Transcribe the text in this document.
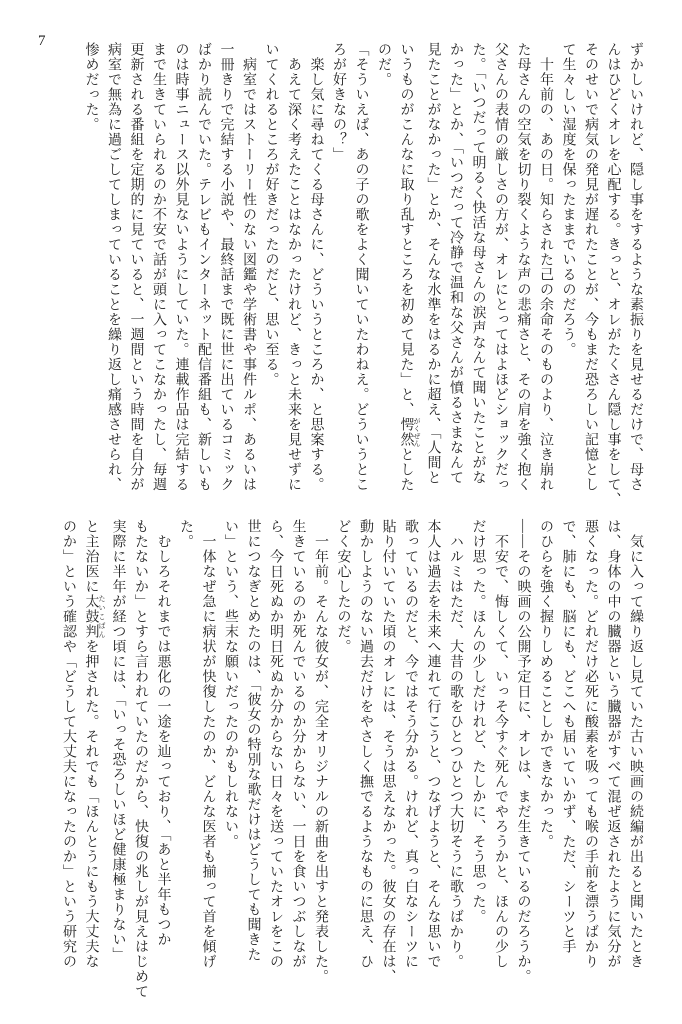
7
ずかしいけれど、隠し事をするような素振りを見せるだけで、母さ
んはひどくオレを心配する。きっと、オレがたくさん隠し事をして、
そのせいで病気の発見が遅れたことが、今もまだ恐ろしい記憶とし
て生々しい湿度を保ったままでいるのだろう。
　十年前の、あの日。知らされた己の余命そのものより、泣き崩れ
た母さんの空気を切り裂くような声の悲痛さと、その肩を強く抱く
父さんの表情の厳しさの方が、オレにとってはよほどショックだっ
た。「いつだって明るく快活な母さんの涙声なんて聞いたことがな
かった」とか、「いつだって冷静で温和な父さんが憤るさまなんて
見たことがなかった」とか、そんな水準をはるかに超え、「人間と
いうものがこんなに取り乱すところを初めて見た」と、愕然 がくぜんとした
のだ。
「そういえば、あの子の歌をよく聞いていたわねえ。どういうとこ
ろが好きなの？」
　楽し気に尋ねてくる母さんに、どういうところか、と思案する。
　あえて深く考えたことはなかったけれど、きっと未来を見せずに
いてくれるところが好きだったのだと、思い至る。
　病室ではストーリー性のない図鑑や学術書や事件ルポ、あるいは
一冊きりで完結する小説や、最終話まで既に世に出ているコミック
ばかり読んでいた。テレビもインターネット配信番組も、新しいも
のは時事ニュース以外見ないようにしていた。連載作品は完結する
まで生きていられるのか不安で話が頭に入ってこなかったし、毎週
更新される番組を定期的に見ていると、一週間という時間を自分が
病室で無為に過ごしてしまっていることを繰り返し痛感させられ、
惨めだった。
　気に入って繰り返し見ていた古い映画の続編が出ると聞いたとき
は、身体の中の臓器という臓器がすべて混ぜ返されたように気分が
悪くなった。どれだけ必死に酸素を吸っても喉の手前を漂うばかり
で、肺にも、脳にも、どこへも届いていかず、ただ、シーツと手
のひらを強く握りしめることしかできなかった。
――その映画の公開予定日に、オレは、まだ生きているのだろうか。
　不安で、悔しくて、いっそ今すぐ死んでやろうかと、ほんの少し
だけ思った。ほんの少しだけれど、たしかに、そう思った。
　ハルミはただ、大昔の歌をひとつひとつ大切そうに歌うばかり。
本人は過去を未来へ連れて行こうと、つなげようと、そんな思いで
歌っているのだと、今ではそう分かる。けれど、真っ白なシーツに
貼り付いていた頃のオレには、そうは思えなかった。彼女の存在は、
動かしようのない過去だけをやさしく撫でるようなものに思え、ひ
どく安心したのだ。
　一年前。そんな彼女が、完全オリジナルの新曲を出すと発表した。
生きているのか死んでいるのか分からない、一日を食いつぶしなが
ら、今日死ぬか明日死ぬか分からない日々を送っていたオレをこの
世につなぎとめたのは、「彼女の特別な歌だけはどうしても聞きた
い」という、些末な願いだったのかもしれない。
　一体なぜ急に病状が快復したのか、どんな医者も揃って首を傾げ
た。
　むしろそれまでは悪化の一途を辿っており、「あと半年もつか
もたないか」とすら言われていたのだから、快復の兆しが見えはじめて
実際に半年が経つ頃には、「いっそ恐ろしいほど健康極まりない」
と主治医に太鼓判 たいこばんを押された。それでも「ほんとうにもう大丈夫な
のか」という確認や「どうして大丈夫になったのか」という研究の
